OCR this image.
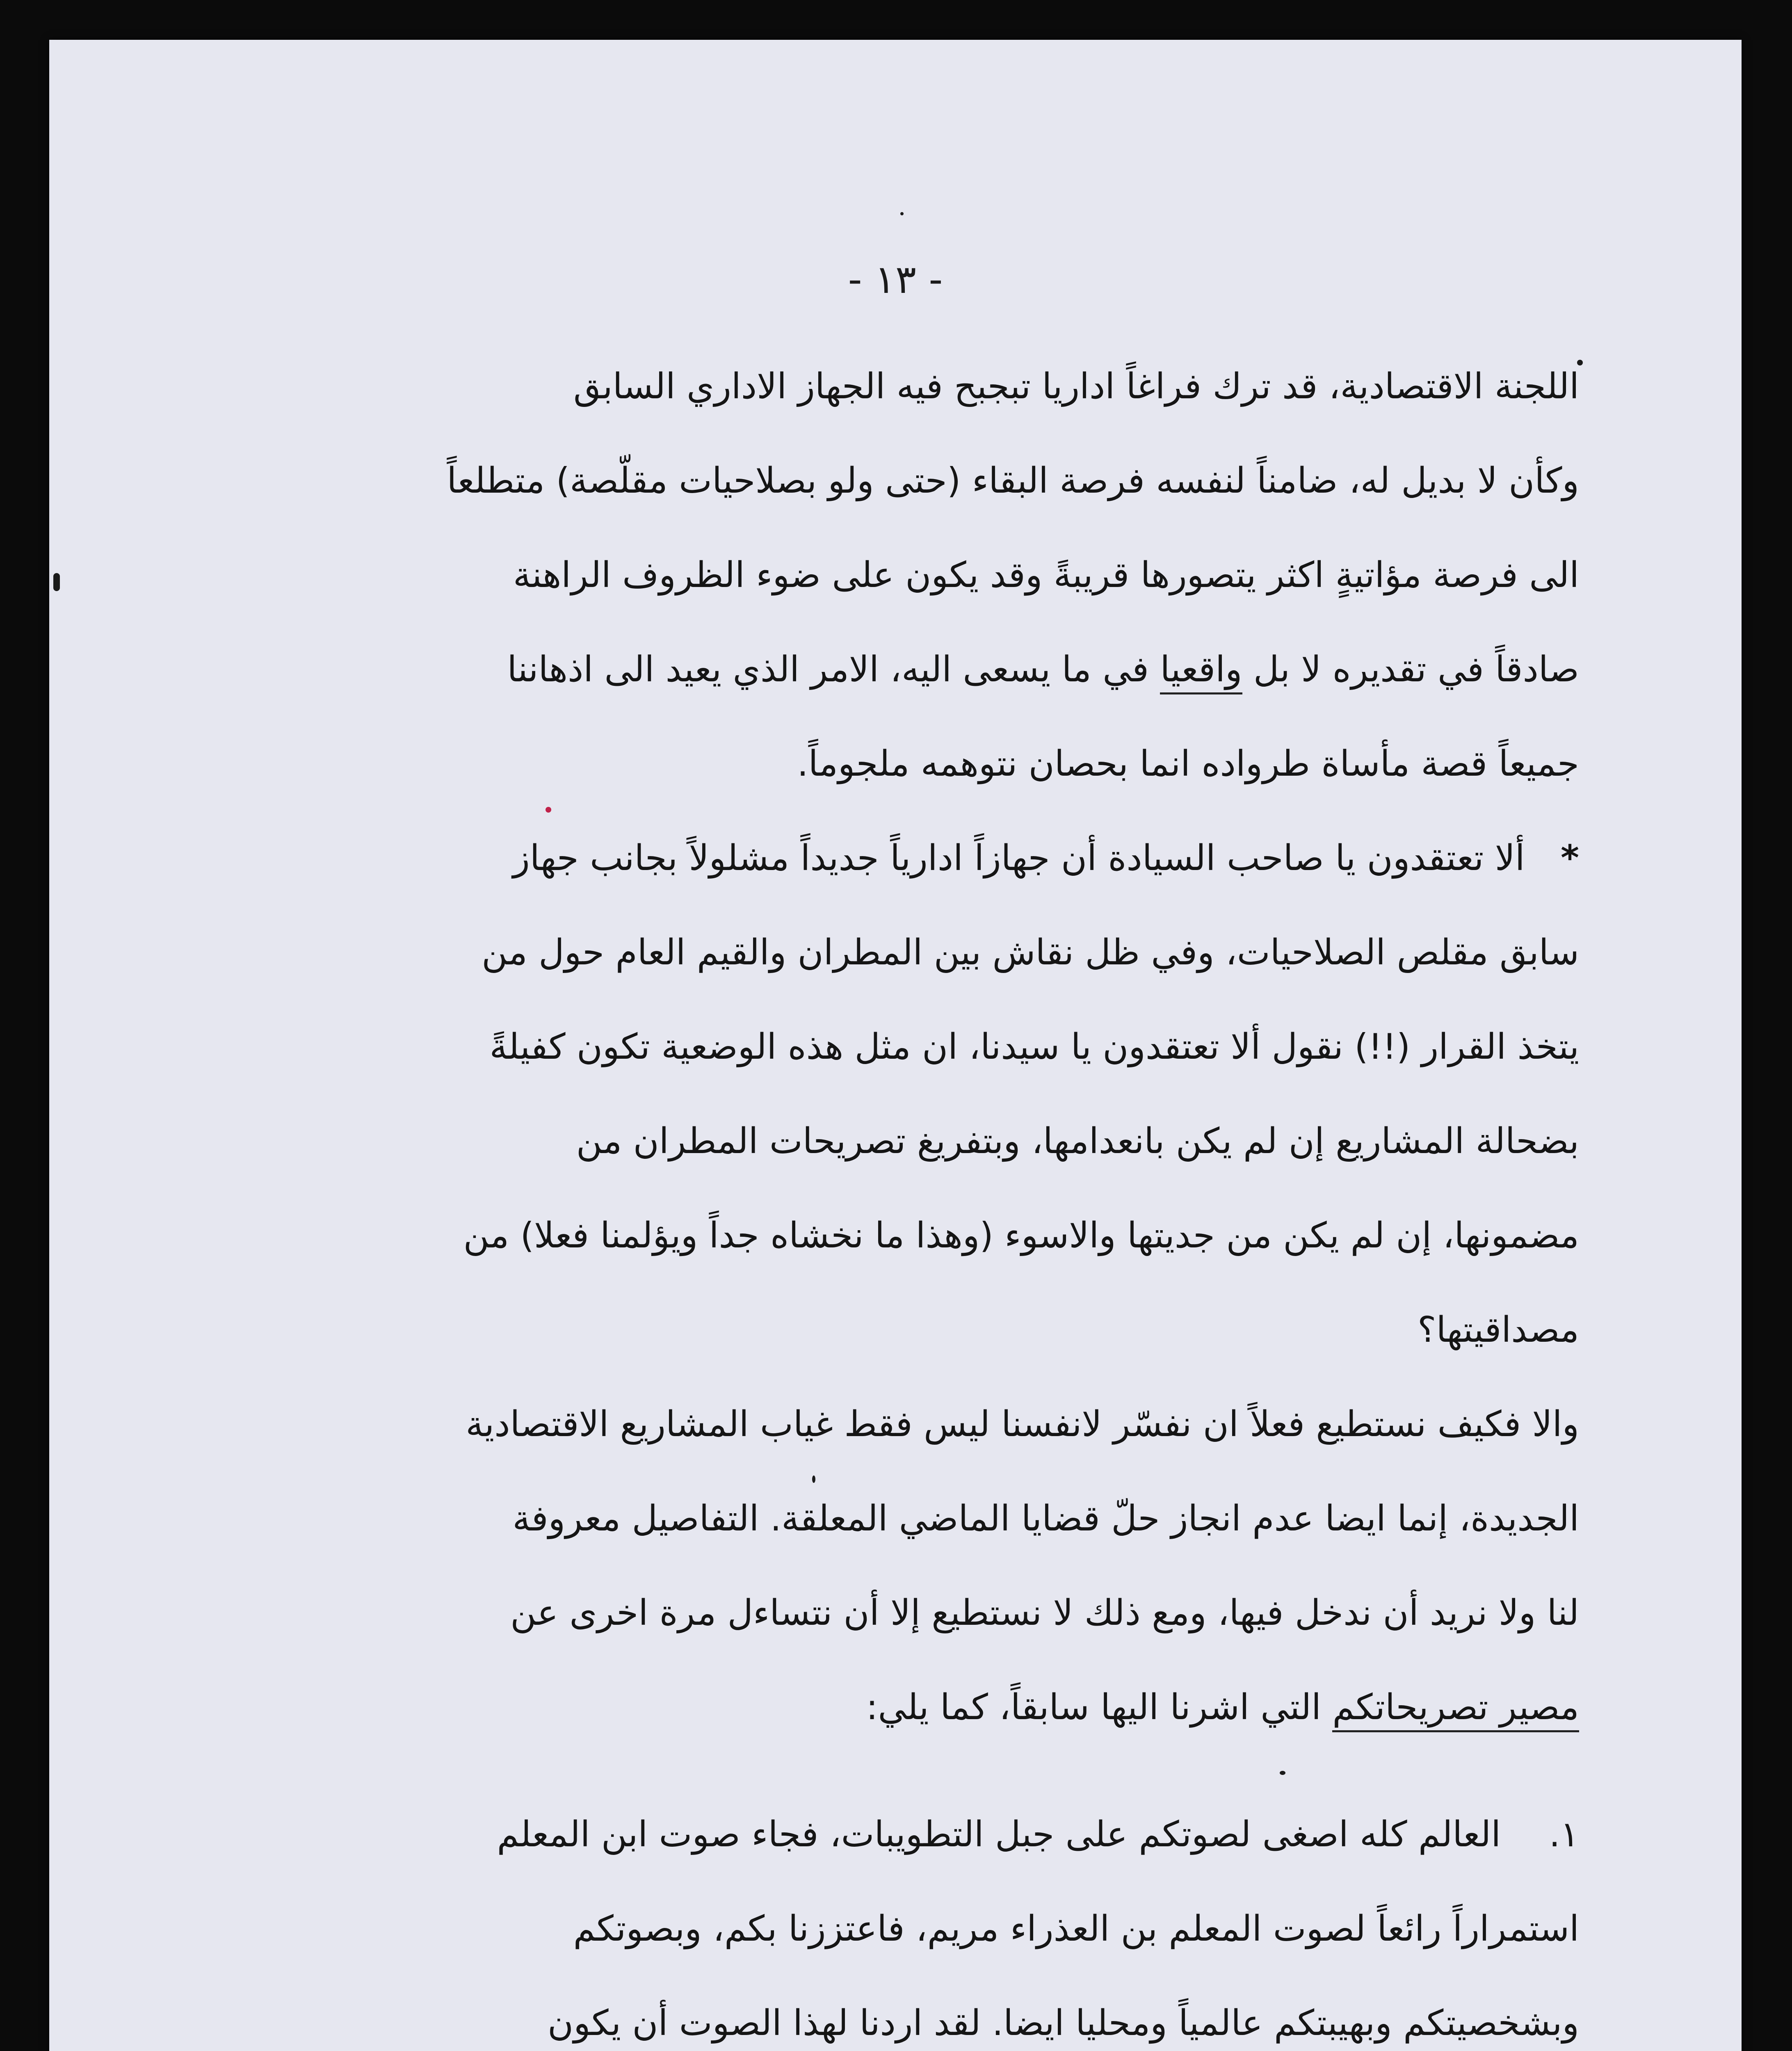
- ١٣ -
اللجنة الاقتصادية، قد ترك فراغاً اداريا تبجبح فيه الجهاز الاداري السابق
وكأن لا بديل له، ضامناً لنفسه فرصة البقاء (حتى ولو بصلاحيات مقلّصة) متطلعاً
الى فرصة مؤاتيةٍ اكثر يتصورها قريبةً وقد يكون على ضوء الظروف الراهنة
صادقاً في تقديره لا بل واقعيا في ما يسعى اليه، الامر الذي يعيد الى اذهاننا
جميعاً قصة مأساة طرواده انما بحصان نتوهمه ملجوماً.
* ألا تعتقدون يا صاحب السيادة أن جهازاً ادارياً جديداً مشلولاً بجانب جهاز
سابق مقلص الصلاحيات، وفي ظل نقاش بين المطران والقيم العام حول من
يتخذ القرار (!!) نقول ألا تعتقدون يا سيدنا، ان مثل هذه الوضعية تكون كفيلةً
بضحالة المشاريع إن لم يكن بانعدامها، وبتفريغ تصريحات المطران من
مضمونها، إن لم يكن من جديتها والاسوء (وهذا ما نخشاه جداً ويؤلمنا فعلا) من
مصداقيتها؟
والا فكيف نستطيع فعلاً ان نفسّر لانفسنا ليس فقط غياب المشاريع الاقتصادية
الجديدة، إنما ايضا عدم انجاز حلّ قضايا الماضي المعلقة. التفاصيل معروفة
لنا ولا نريد أن ندخل فيها، ومع ذلك لا نستطيع إلا أن نتساءل مرة اخرى عن
مصير تصريحاتكم التي اشرنا اليها سابقاً، كما يلي:
١. العالم كله اصغى لصوتكم على جبل التطويبات، فجاء صوت ابن المعلم
استمراراً رائعاً لصوت المعلم بن العذراء مريم، فاعتززنا بكم، وبصوتكم
وبشخصيتكم وبهيبتكم عالمياً ومحليا ايضا. لقد اردنا لهذا الصوت أن يكون
